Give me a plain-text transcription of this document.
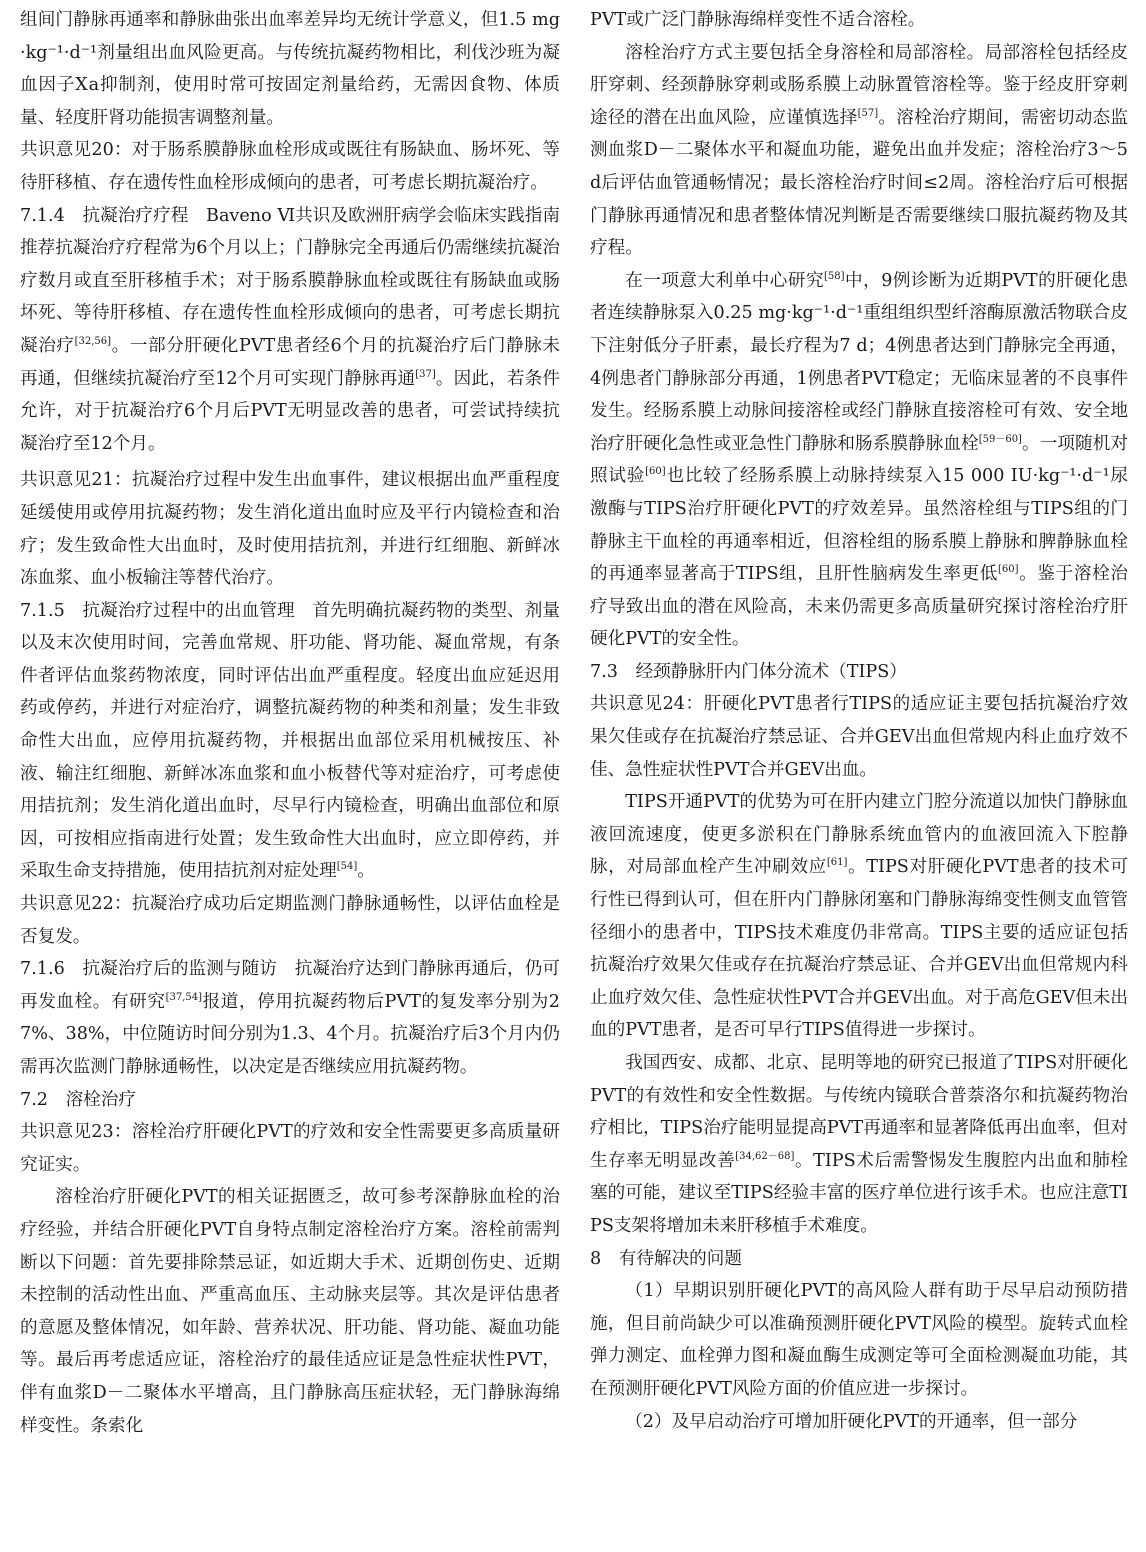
组间门静脉再通率和静脉曲张出血率差异均无统计学意义，但1.5 mg·kg⁻¹·d⁻¹剂量组出血风险更高。与传统抗凝药物相比，利伐沙班为凝血因子Ⅹa抑制剂，使用时常可按固定剂量给药，无需因食物、体质量、轻度肝肾功能损害调整剂量。

共识意见20：对于肠系膜静脉血栓形成或既往有肠缺血、肠坏死、等待肝移植、存在遗传性血栓形成倾向的患者，可考虑长期抗凝治疗。

7.1.4 抗凝治疗疗程 Baveno Ⅵ共识及欧洲肝病学会临床实践指南推荐抗凝治疗疗程常为6个月以上；门静脉完全再通后仍需继续抗凝治疗数月或直至肝移植手术；对于肠系膜静脉血栓或既往有肠缺血或肠坏死、等待肝移植、存在遗传性血栓形成倾向的患者，可考虑长期抗凝治疗[32,56]。一部分肝硬化PVT患者经6个月的抗凝治疗后门静脉未再通，但继续抗凝治疗至12个月可实现门静脉再通[37]。因此，若条件允许，对于抗凝治疗6个月后PVT无明显改善的患者，可尝试持续抗凝治疗至12个月。

共识意见21：抗凝治疗过程中发生出血事件，建议根据出血严重程度延缓使用或停用抗凝药物；发生消化道出血时应及平行内镜检查和治疗；发生致命性大出血时，及时使用拮抗剂，并进行红细胞、新鲜冰冻血浆、血小板输注等替代治疗。

7.1.5 抗凝治疗过程中的出血管理 首先明确抗凝药物的类型、剂量以及末次使用时间，完善血常规、肝功能、肾功能、凝血常规，有条件者评估血浆药物浓度，同时评估出血严重程度。轻度出血应延迟用药或停药，并进行对症治疗，调整抗凝药物的种类和剂量；发生非致命性大出血，应停用抗凝药物，并根据出血部位采用机械按压、补液、输注红细胞、新鲜冰冻血浆和血小板替代等对症治疗，可考虑使用拮抗剂；发生消化道出血时，尽早行内镜检查，明确出血部位和原因，可按相应指南进行处置；发生致命性大出血时，应立即停药，并采取生命支持措施，使用拮抗剂对症处理[54]。

共识意见22：抗凝治疗成功后定期监测门静脉通畅性，以评估血栓是否复发。

7.1.6 抗凝治疗后的监测与随访 抗凝治疗达到门静脉再通后，仍可再发血栓。有研究[37,54]报道，停用抗凝药物后PVT的复发率分别为27%、38%，中位随访时间分别为1.3、4个月。抗凝治疗后3个月内仍需再次监测门静脉通畅性，以决定是否继续应用抗凝药物。

7.2 溶栓治疗

共识意见23：溶栓治疗肝硬化PVT的疗效和安全性需要更多高质量研究证实。

溶栓治疗肝硬化PVT的相关证据匮乏，故可参考深静脉血栓的治疗经验，并结合肝硬化PVT自身特点制定溶栓治疗方案。溶栓前需判断以下问题：首先要排除禁忌证，如近期大手术、近期创伤史、近期未控制的活动性出血、严重高血压、主动脉夹层等。其次是评估患者的意愿及整体情况，如年龄、营养状况、肝功能、肾功能、凝血功能等。最后再考虑适应证，溶栓治疗的最佳适应证是急性症状性PVT，伴有血浆D－二聚体水平增高，且门静脉高压症状轻，无门静脉海绵样变性。条索化

PVT或广泛门静脉海绵样变性不适合溶栓。

溶栓治疗方式主要包括全身溶栓和局部溶栓。局部溶栓包括经皮肝穿刺、经颈静脉穿刺或肠系膜上动脉置管溶栓等。鉴于经皮肝穿刺途径的潜在出血风险，应谨慎选择[57]。溶栓治疗期间，需密切动态监测血浆D－二聚体水平和凝血功能，避免出血并发症；溶栓治疗3～5 d后评估血管通畅情况；最长溶栓治疗时间≤2周。溶栓治疗后可根据门静脉再通情况和患者整体情况判断是否需要继续口服抗凝药物及其疗程。

在一项意大利单中心研究[58]中，9例诊断为近期PVT的肝硬化患者连续静脉泵入0.25 mg·kg⁻¹·d⁻¹重组组织型纤溶酶原激活物联合皮下注射低分子肝素，最长疗程为7 d；4例患者达到门静脉完全再通，4例患者门静脉部分再通，1例患者PVT稳定；无临床显著的不良事件发生。经肠系膜上动脉间接溶栓或经门静脉直接溶栓可有效、安全地治疗肝硬化急性或亚急性门静脉和肠系膜静脉血栓[59－60]。一项随机对照试验[60]也比较了经肠系膜上动脉持续泵入15 000 IU·kg⁻¹·d⁻¹尿激酶与TIPS治疗肝硬化PVT的疗效差异。虽然溶栓组与TIPS组的门静脉主干血栓的再通率相近，但溶栓组的肠系膜上静脉和脾静脉血栓的再通率显著高于TIPS组，且肝性脑病发生率更低[60]。鉴于溶栓治疗导致出血的潜在风险高，未来仍需更多高质量研究探讨溶栓治疗肝硬化PVT的安全性。

7.3 经颈静脉肝内门体分流术（TIPS）

共识意见24：肝硬化PVT患者行TIPS的适应证主要包括抗凝治疗效果欠佳或存在抗凝治疗禁忌证、合并GEV出血但常规内科止血疗效不佳、急性症状性PVT合并GEV出血。

TIPS开通PVT的优势为可在肝内建立门腔分流道以加快门静脉血液回流速度，使更多淤积在门静脉系统血管内的血液回流入下腔静脉，对局部血栓产生冲刷效应[61]。TIPS对肝硬化PVT患者的技术可行性已得到认可，但在肝内门静脉闭塞和门静脉海绵变性侧支血管管径细小的患者中，TIPS技术难度仍非常高。TIPS主要的适应证包括抗凝治疗效果欠佳或存在抗凝治疗禁忌证、合并GEV出血但常规内科止血疗效欠佳、急性症状性PVT合并GEV出血。对于高危GEV但未出血的PVT患者，是否可早行TIPS值得进一步探讨。

我国西安、成都、北京、昆明等地的研究已报道了TIPS对肝硬化PVT的有效性和安全性数据。与传统内镜联合普萘洛尔和抗凝药物治疗相比，TIPS治疗能明显提高PVT再通率和显著降低再出血率，但对生存率无明显改善[34,62－68]。TIPS术后需警惕发生腹腔内出血和肺栓塞的可能，建议至TIPS经验丰富的医疗单位进行该手术。也应注意TIPS支架将增加未来肝移植手术难度。

8 有待解决的问题

（1）早期识别肝硬化PVT的高风险人群有助于尽早启动预防措施，但目前尚缺少可以准确预测肝硬化PVT风险的模型。旋转式血栓弹力测定、血栓弹力图和凝血酶生成测定等可全面检测凝血功能，其在预测肝硬化PVT风险方面的价值应进一步探讨。

（2）及早启动治疗可增加肝硬化PVT的开通率，但一部分
